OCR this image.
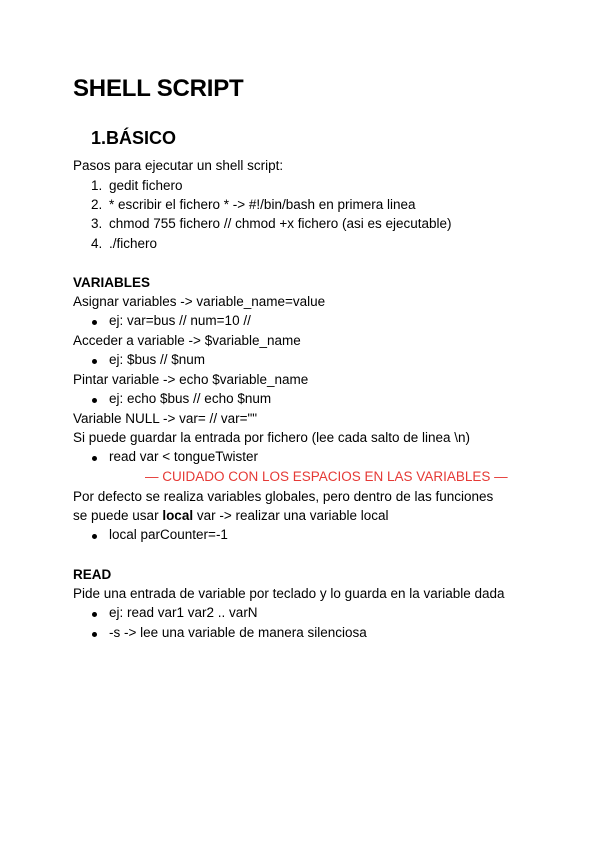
SHELL SCRIPT
1.BÁSICO
Pasos para ejecutar un shell script:
1. gedit fichero
2. * escribir el fichero * -> #!/bin/bash en primera linea
3. chmod 755 fichero // chmod +x fichero (asi es ejecutable)
4. ./fichero
VARIABLES
Asignar variables -> variable_name=value
ej: var=bus // num=10 //
Acceder a variable -> $variable_name
ej: $bus // $num
Pintar variable -> echo $variable_name
ej: echo $bus // echo $num
Variable NULL -> var= // var=""
Si puede guardar la entrada por fichero (lee cada salto de linea \n)
read var < tongueTwister
— CUIDADO CON LOS ESPACIOS EN LAS VARIABLES —
Por defecto se realiza variables globales, pero dentro de las funciones
se puede usar local var -> realizar una variable local
local parCounter=-1
READ
Pide una entrada de variable por teclado y lo guarda en la variable dada
ej: read var1 var2 .. varN
-s -> lee una variable de manera silenciosa
